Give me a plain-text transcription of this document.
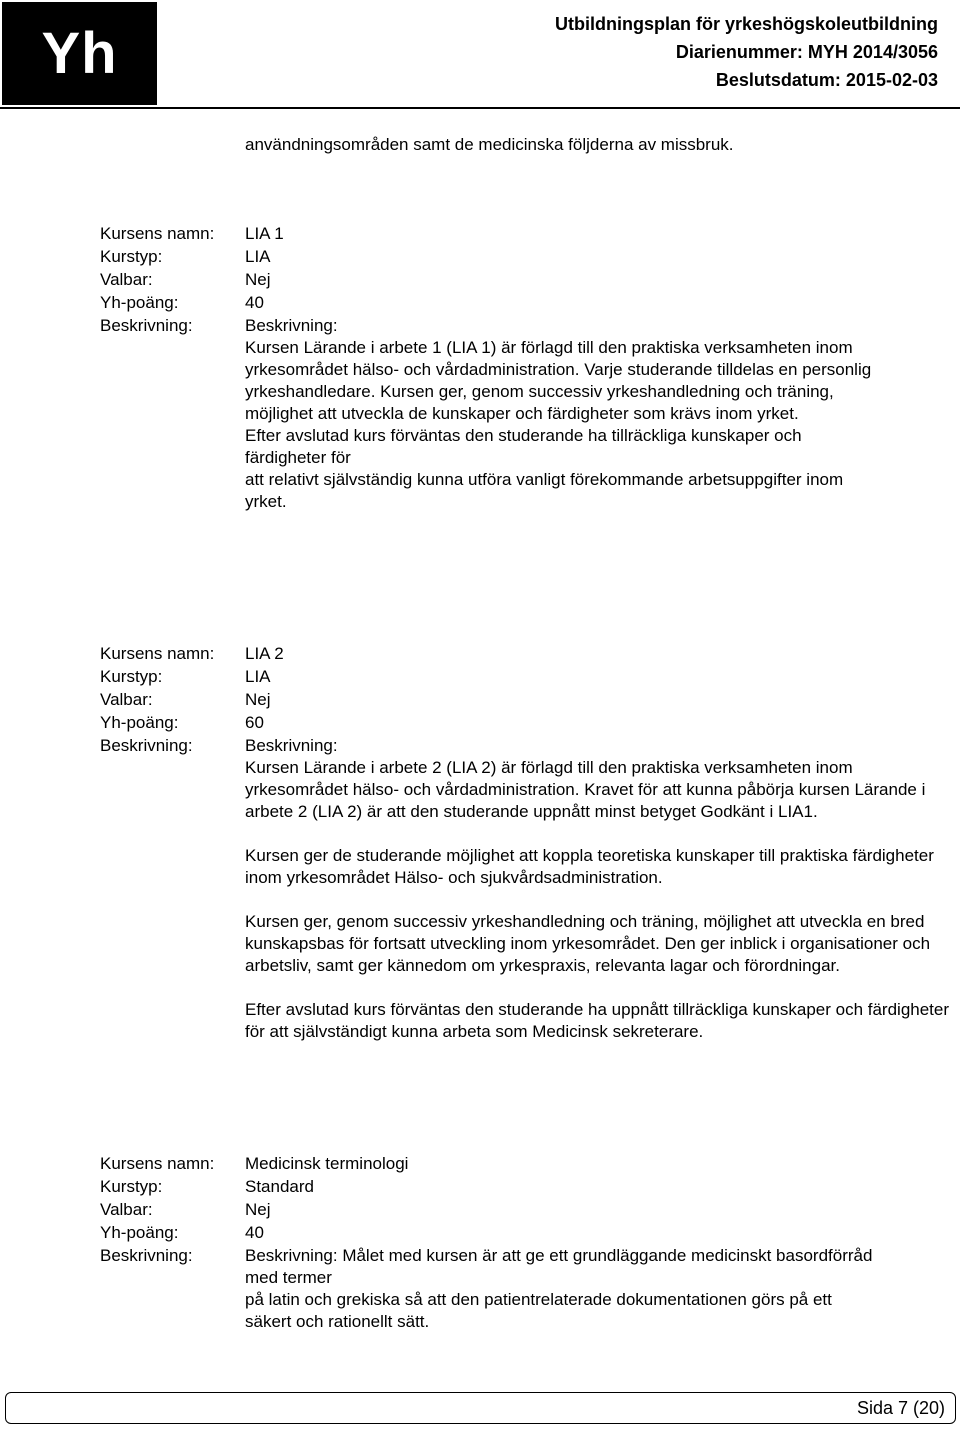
Yh	Utbildningsplan för yrkeshögskoleutbildning
Diarienummer: MYH 2014/3056
Beslutsdatum: 2015-02-03
användningsområden samt de medicinska följderna av missbruk.
Kursens namn:	LIA 1
Kurstyp:	LIA
Valbar:	Nej
Yh-poäng:	40
Beskrivning:	Beskrivning:
Kursen Lärande i arbete 1 (LIA 1) är förlagd till den praktiska verksamheten inom
yrkesområdet hälso- och vårdadministration. Varje studerande tilldelas en personlig
yrkeshandledare. Kursen ger, genom successiv yrkeshandledning och träning,
möjlighet att utveckla de kunskaper och färdigheter som krävs inom yrket.
Efter avslutad kurs förväntas den studerande ha tillräckliga kunskaper och
färdigheter för
att relativt självständig kunna utföra vanligt förekommande arbetsuppgifter inom
yrket.
Kursens namn:	LIA 2
Kurstyp:	LIA
Valbar:	Nej
Yh-poäng:	60
Beskrivning:	Beskrivning:

Kursen Lärande i arbete 2 (LIA 2) är förlagd till den praktiska verksamheten inom yrkesområdet hälso- och vårdadministration. Kravet för att kunna påbörja kursen Lärande i arbete 2 (LIA 2) är att den studerande uppnått minst betyget Godkänt i LIA1.

Kursen ger de studerande möjlighet att koppla teoretiska kunskaper till praktiska färdigheter inom yrkesområdet Hälso- och sjukvårdsadministration.

Kursen ger, genom successiv yrkeshandledning och träning, möjlighet att utveckla en bred kunskapsbas för fortsatt utveckling inom yrkesområdet. Den ger inblick i organisationer och arbetsliv, samt ger kännedom om yrkespraxis, relevanta lagar och förordningar.

Efter avslutad kurs förväntas den studerande ha uppnått tillräckliga kunskaper och färdigheter för att självständigt kunna arbeta som Medicinsk sekreterare.

Kursens namn:	Medicinsk terminologi
Kurstyp:	Standard
Valbar:	Nej
Yh-poäng:	40
Beskrivning:	Beskrivning: Målet med kursen är att ge ett grundläggande medicinskt basordförråd
med termer
på latin och grekiska så att den patientrelaterade dokumentationen görs på ett
säkert och rationellt sätt.
Sida 7 (20)
